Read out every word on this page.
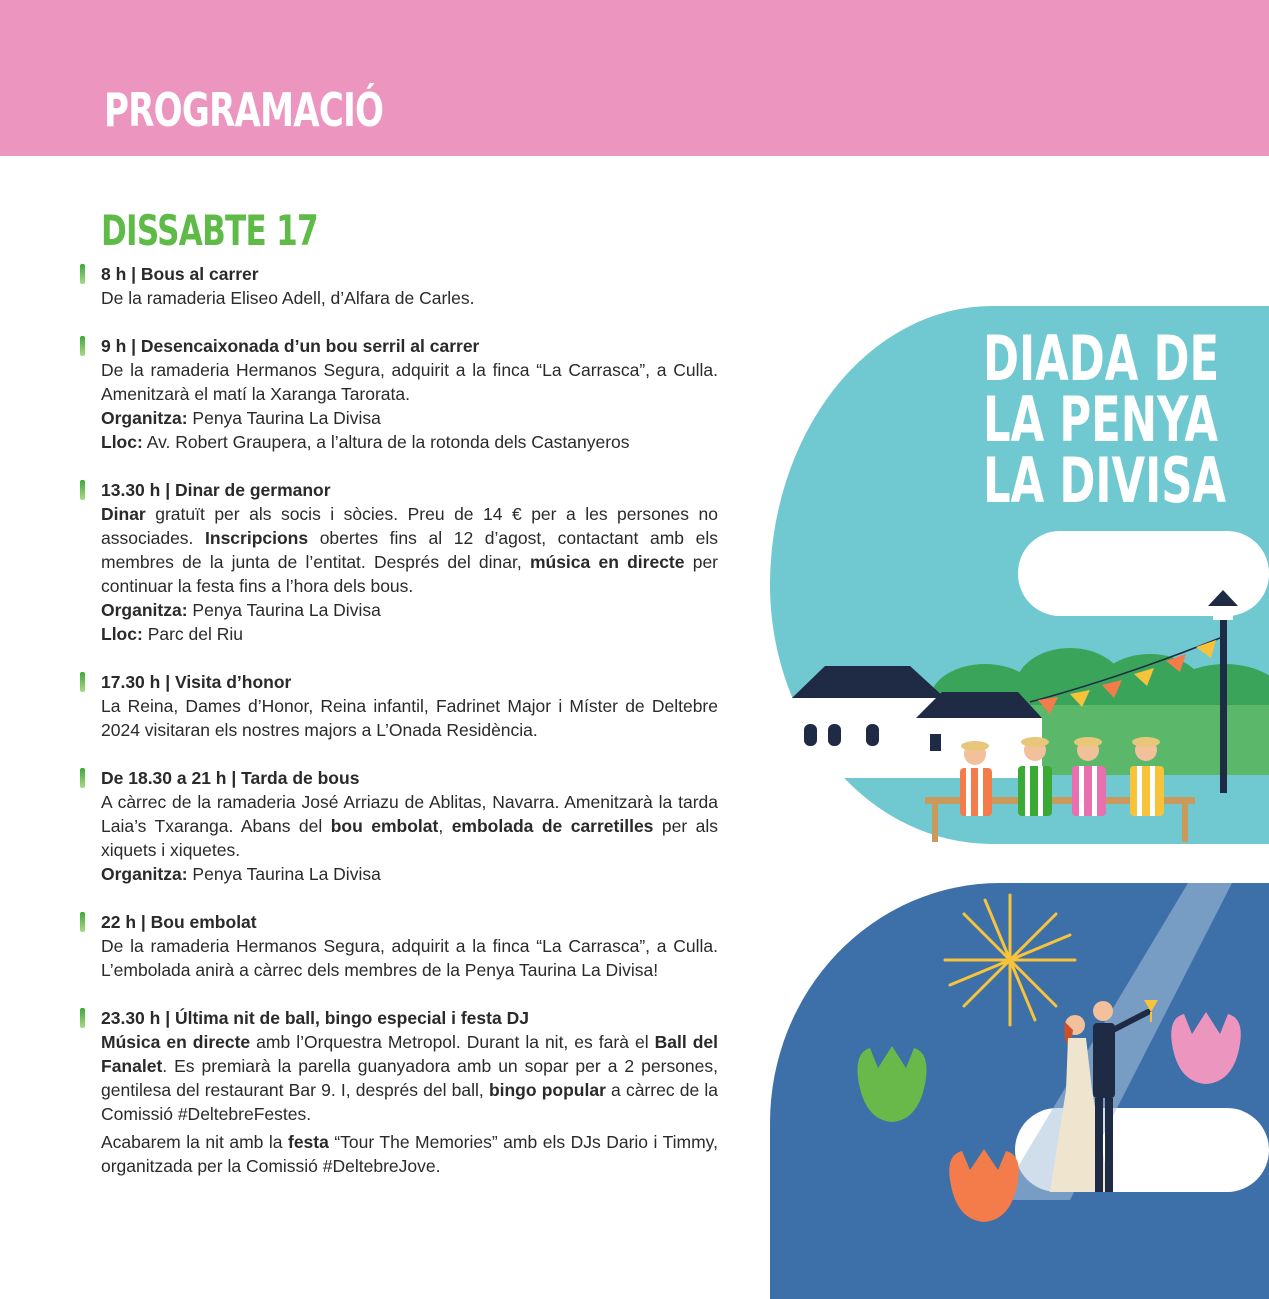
PROGRAMACIÓ
DISSABTE 17

8 h | Bous al carrer

De la ramaderia Eliseo Adell, d’Alfara de Carles.

9 h | Desencaixonada d’un bou serril al carrer

De la ramaderia Hermanos Segura, adquirit a la finca “La Carrasca”, a Culla. Amenitzarà el matí la Xaranga Tarorata.

Organitza: Penya Taurina La Divisa

Lloc: Av. Robert Graupera, a l’altura de la rotonda dels Castanyeros

13.30 h | Dinar de germanor

Dinar gratuït per als socis i sòcies. Preu de 14 € per a les persones no associades. Inscripcions obertes fins al 12 d’agost, contactant amb els membres de la junta de l’entitat. Després del dinar, música en directe per continuar la festa fins a l’hora dels bous.

Organitza: Penya Taurina La Divisa

Lloc: Parc del Riu

17.30 h | Visita d’honor

La Reina, Dames d’Honor, Reina infantil, Fadrinet Major i Míster de Deltebre 2024 visitaran els nostres majors a L’Onada Residència.

De 18.30 a 21 h | Tarda de bous

A càrrec de la ramaderia José Arriazu de Ablitas, Navarra. Amenitzarà la tarda Laia’s Txaranga. Abans del bou embolat, embolada de carretilles per als xiquets i xiquetes.

Organitza: Penya Taurina La Divisa

22 h | Bou embolat

De la ramaderia Hermanos Segura, adquirit a la finca “La Carrasca”, a Culla. L’embolada anirà a càrrec dels membres de la Penya Taurina La Divisa!

23.30 h | Última nit de ball, bingo especial i festa DJ

Música en directe amb l’Orquestra Metropol. Durant la nit, es farà el Ball del Fanalet. Es premiarà la parella guanyadora amb un sopar per a 2 persones, gentilesa del restaurant Bar 9. I, després del ball, bingo popular a càrrec de la Comissió #DeltebreFestes.

Acabarem la nit amb la festa “Tour The Memories” amb els DJs Dario i Timmy, organitzada per la Comissió #DeltebreJove.

DIADA DE
LA PENYA
LA DIVISA
